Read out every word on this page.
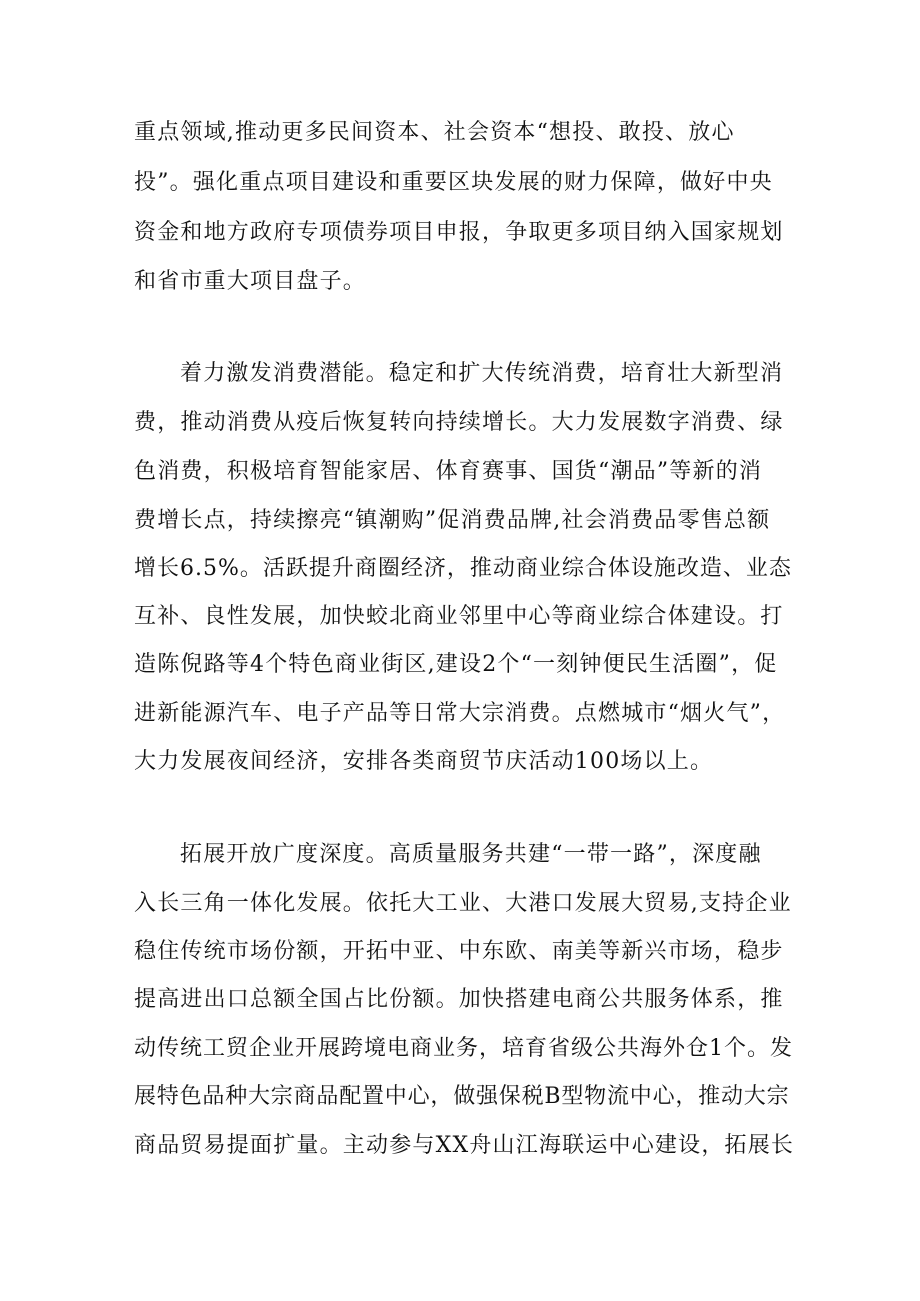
重点领域,推动更多民间资本、社会资本“想投、敢投、放心
投”。强化重点项目建设和重要区块发展的财力保障，做好中央
资金和地方政府专项债券项目申报，争取更多项目纳入国家规划
和省市重大项目盘子。
着力激发消费潜能。稳定和扩大传统消费，培育壮大新型消
费，推动消费从疫后恢复转向持续增长。大力发展数字消费、绿
色消费，积极培育智能家居、体育赛事、国货“潮品”等新的消
费增长点，持续擦亮“镇潮购”促消费品牌,社会消费品零售总额
增长6.5%。活跃提升商圈经济，推动商业综合体设施改造、业态
互补、良性发展，加快蛟北商业邻里中心等商业综合体建设。打
造陈倪路等4个特色商业街区,建设2个“一刻钟便民生活圈”，促
进新能源汽车、电子产品等日常大宗消费。点燃城市“烟火气”，
大力发展夜间经济，安排各类商贸节庆活动100场以上。
拓展开放广度深度。高质量服务共建“一带一路”，深度融
入长三角一体化发展。依托大工业、大港口发展大贸易,支持企业
稳住传统市场份额，开拓中亚、中东欧、南美等新兴市场，稳步
提高进出口总额全国占比份额。加快搭建电商公共服务体系，推
动传统工贸企业开展跨境电商业务，培育省级公共海外仓1个。发
展特色品种大宗商品配置中心，做强保税B型物流中心，推动大宗
商品贸易提面扩量。主动参与XX舟山江海联运中心建设，拓展长
